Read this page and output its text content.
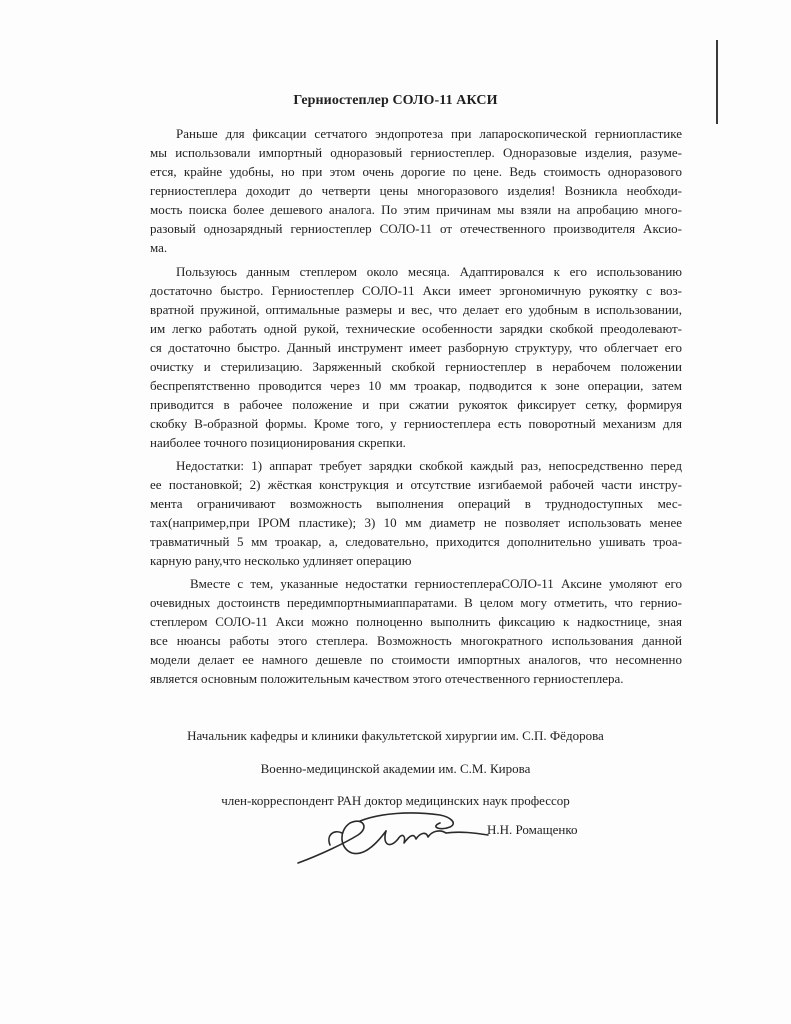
Герниостеплер СОЛО-11 АКСИ
Раньше для фиксации сетчатого эндопротеза при лапароскопической герниопластике
мы использовали импортный одноразовый герниостеплер. Одноразовые изделия, разуме-
ется, крайне удобны, но при этом очень дорогие по цене. Ведь стоимость одноразового
герниостеплера доходит до четверти цены многоразового изделия! Возникла необходи-
мость поиска более дешевого аналога. По этим причинам мы взяли на апробацию много-
разовый однозарядный герниостеплер СОЛО-11 от отечественного производителя Аксио-
ма.
Пользуюсь данным степлером около месяца. Адаптировался к его использованию
достаточно быстро. Герниостеплер СОЛО-11 Акси имеет эргономичную рукоятку с воз-
вратной пружиной, оптимальные размеры и вес, что делает его удобным в использовании,
им легко работать одной рукой, технические особенности зарядки скобкой преодолевают-
ся достаточно быстро. Данный инструмент имеет разборную структуру, что облегчает его
очистку и стерилизацию. Заряженный скобкой герниостеплер в нерабочем положении
беспрепятственно проводится через 10 мм троакар, подводится к зоне операции, затем
приводится в рабочее положение и при сжатии рукояток фиксирует сетку, формируя
скобку В-образной формы. Кроме того, у герниостеплера есть поворотный механизм для
наиболее точного позиционирования скрепки.
Недостатки: 1) аппарат требует зарядки скобкой каждый раз, непосредственно перед
ее постановкой; 2) жёсткая конструкция и отсутствие изгибаемой рабочей части инстру-
мента ограничивают возможность выполнения операций в труднодоступных мес-
тах(например,при IPOM пластике); 3) 10 мм диаметр не позволяет использовать менее
травматичный 5 мм троакар, а, следовательно, приходится дополнительно ушивать троа-
карную рану,что несколько удлиняет операцию
Вместе с тем, указанные недостатки герниостеплераСОЛО-11 Аксине умоляют его
очевидных достоинств передимпортнымиаппаратами. В целом могу отметить, что гернио-
степлером СОЛО-11 Акси можно полноценно выполнить фиксацию к надкостнице, зная
все нюансы работы этого степлера. Возможность многократного использования данной
модели делает ее намного дешевле по стоимости импортных аналогов, что несомненно
является основным положительным качеством этого отечественного герниостеплера.
Начальник кафедры и клиники факультетской хирургии им. С.П. Фёдорова
Военно-медицинской академии им. С.М. Кирова
член-корреспондент РАН доктор медицинских наук профессор
Н.Н. Ромащенко
